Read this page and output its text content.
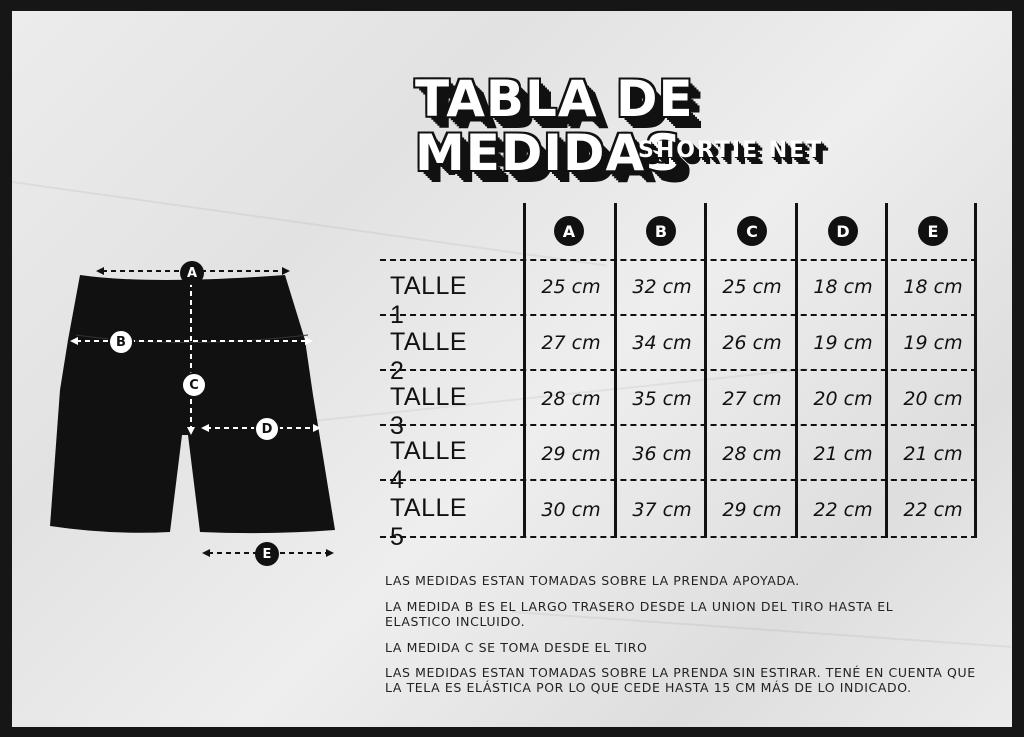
TABLA DE MEDIDAS
SHORTIE NET
A	B	C	D	E
TALLE 1
25 cm	32 cm	25 cm	18 cm	18 cm
TALLE 2
27 cm	34 cm	26 cm	19 cm	19 cm
TALLE 3
28 cm	35 cm	27 cm	20 cm	20 cm
TALLE 4
29 cm	36 cm	28 cm	21 cm	21 cm
TALLE 5
30 cm	37 cm	29 cm	22 cm	22 cm
A
B
C
D
E
LAS MEDIDAS ESTAN TOMADAS SOBRE LA PRENDA APOYADA.
LA MEDIDA B ES EL LARGO TRASERO DESDE LA UNION DEL TIRO HASTA EL ELASTICO INCLUIDO.
LA MEDIDA C SE TOMA DESDE EL TIRO
LAS MEDIDAS ESTAN TOMADAS SOBRE LA PRENDA SIN ESTIRAR. TENÉ EN CUENTA QUE LA TELA ES ELÁSTICA POR LO QUE CEDE HASTA 15 CM MÁS DE LO INDICADO.
